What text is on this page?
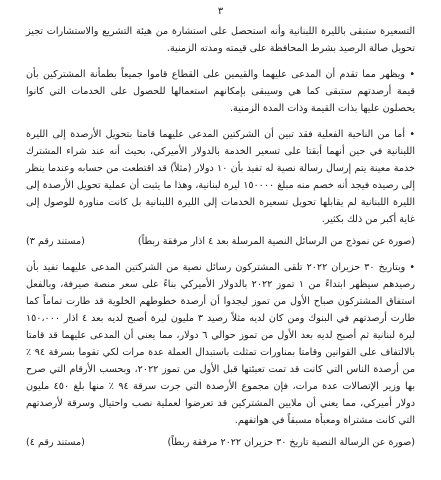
٣

التسعيرة ستبقى بالليرة اللبنانية وأنه استحصل على استشارة من هيئة التشريع والاستشارات تجيز تحويل صالة الرصيد بشرط المحافظة على قيمته ومدته الزمنية.

• ويظهر مما تقدم أن المدعى عليهما والقيمين على القطاع قاموا جميعاً بطمأنة المشتركين بأن قيمة أرصدتهم ستبقى كما هي وسيبقى بإمكانهم استعمالها للحصول على الخدمات التي كانوا يحصلون عليها بذات القيمة وذات المدة الزمنية.

• أما من الناحية الفعلية فقد تبين أن الشركتين المدعى عليهما قامتا بتحويل الأرصدة إلى الليرة اللبنانية في حين أنهما أبقتا على تسعير الخدمة بالدولار الأميركي، بحيث أنه عند شراء المشترك خدمة معينة يتم إرسال رسالة نصية له تفيد بأن ١٠ دولار (مثلاً) قد اقتطعت من حسابه وعندما ينظر إلى رصيده فيجد أنه خصم منه مبلغ ١٥٠٠٠٠ ليرة لبنانية، وهذا ما يثبت أن عملية تحويل الأرصدة إلى الليرة اللبنانية لم يقابلها تحويل تسعيرة الخدمات إلى الليرة اللبنانية بل كانت مناورة للوصول إلى غاية أكبر من ذلك بكثير.

(صورة عن نموذج من الرسائل النصية المرسلة بعد ٤ اذار مرفقة ربطاً)
(مستند رقم ٣)

• وبتاريخ ٣٠ حزيران ٢٠٢٢ تلقى المشتركون رسائل نصية من الشركتين المدعى عليهما تفيد بأن رصيدهم سيظهر ابتداءً من ١ تموز ٢٠٢٢ بالدولار الأميركي بناءً على سعر منصة صيرفة، وبالفعل استفاق المشتركون صباح الأول من تموز ليجدوا أن أرصدة خطوطهم الخلوية قد طارت تماماً كما طارت أرصدتهم في البنوك ومن كان لديه مثلاً رصيد ٣ مليون ليرة أصبح لديه بعد ٤ اذار ١٥٠،٠٠٠ ليرة لبنانية ثم أصبح لديه بعد الأول من تموز حوالي ٦ دولار، مما يعني أن المدعى عليهما قد قامتا بالالتفاف على القوانين وقامتا بمناورات تمثلت باستبدال العملة عدة مرات لكي تقوما بسرقة ٩٤ ٪ من أرصدة الناس التي كانت قد تمت تعبئتها قبل الأول من تموز ٢٠٢٢، وبحسب الأرقام التي صرح بها وزير الإتصالات عدة مرات، فإن مجموع الأرصدة التي جرت سرقة ٩٤ ٪ منها بلغ ٤٥٠ مليون دولار أميركي، مما يعني أن ملايين المشتركين قد تعرضوا لعملية نصب واحتيال وسرقة لأرصدتهم التي كانت مشتراة ومعبأة مسبقاً في هواتفهم.

(صورة عن الرسالة النصية تاريخ ٣٠ حزيران ٢٠٢٢ مرفقة ربطاً)
(مستند رقم ٤)
